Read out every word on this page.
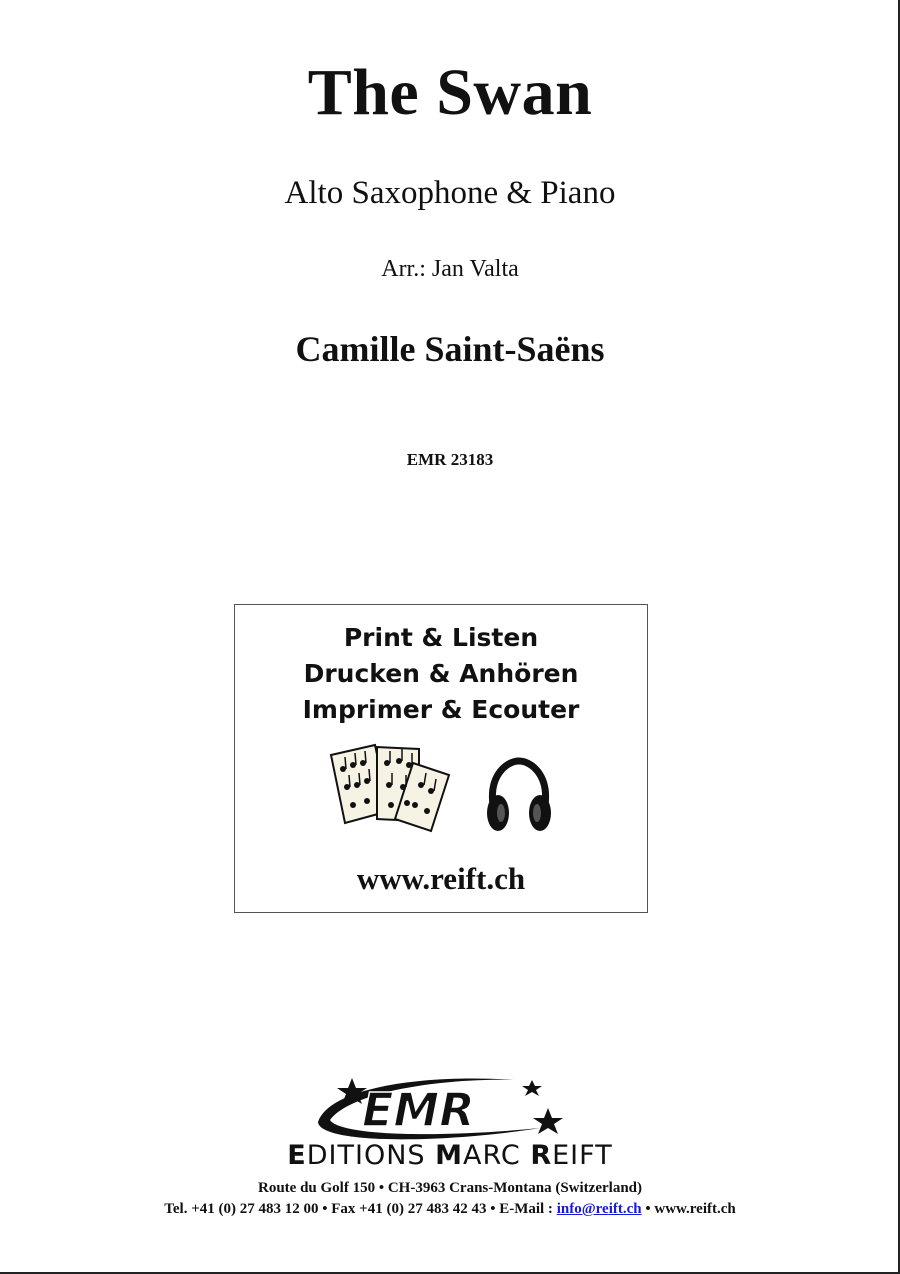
The Swan
Alto Saxophone & Piano
Arr.: Jan Valta
Camille Saint-Saëns
EMR 23183
Print & Listen
Drucken & Anhören
Imprimer & Ecouter
www.reift.ch
EMR
EDITIONS MARC REIFT
Route du Golf 150 • CH-3963 Crans-Montana (Switzerland)
Tel. +41 (0) 27 483 12 00 • Fax +41 (0) 27 483 42 43 • E-Mail : info@reift.ch • www.reift.ch
